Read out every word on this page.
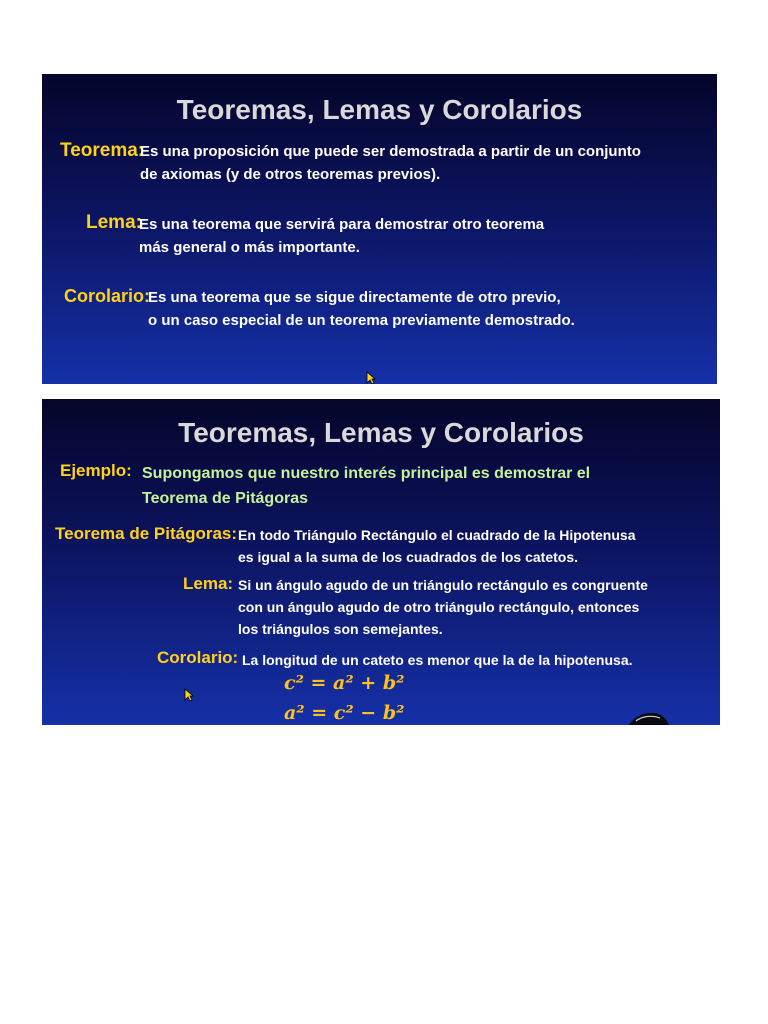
Teoremas, Lemas y Corolarios
Teorema:
Es una proposición que puede ser demostrada a partir de un conjunto
de axiomas (y de otros teoremas previos).
Lema:
Es una teorema que servirá para demostrar otro teorema
más general o más importante.
Corolario:
Es una teorema que se sigue directamente de otro previo,
o un caso especial de un teorema previamente demostrado.
Teoremas, Lemas y Corolarios
Ejemplo: Supongamos que nuestro interés principal es demostrar el
Teorema de Pitágoras
Teorema de Pitágoras: En todo Triángulo Rectángulo el cuadrado de la Hipotenusa
es igual a la suma de los cuadrados de los catetos.
Lema: Si un ángulo agudo de un triángulo rectángulo es congruente
con un ángulo agudo de otro triángulo rectángulo, entonces
los triángulos son semejantes.
Corolario: La longitud de un cateto es menor que la de la hipotenusa.
c² = a² + b²
a² = c² − b²
